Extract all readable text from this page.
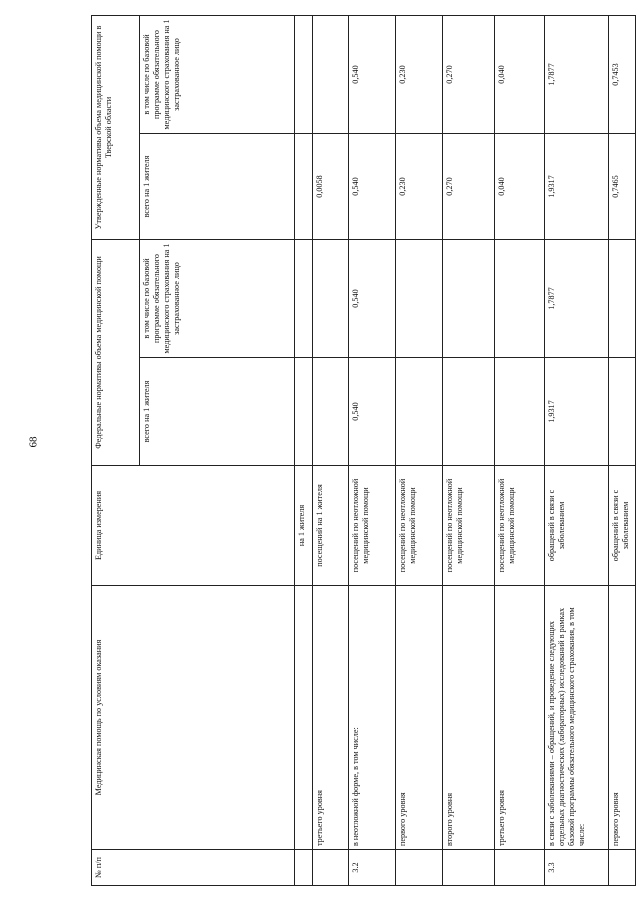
68
№ п/п	Медицинская помощь по условиям оказания	Единица измерения	Федеральные нормативы объема медицинской помощи		Утвержденные нормативы объема медицинской помощи в Тверской области	
			всего на 1 жителя	в том числе по базовой программе обязательного медицинского страхования на 1 застрахованное лицо	всего на 1 жителя	в том числе по базовой программе обязательного медицинского страхования на 1 застрахованное лицо
		на 1 жителя				
	третьего уровня	посещений на 1 жителя			0,0058	
3.2	в неотложной форме, в том числе:	посещений по неотложной медицинской помощи	0,540	0,540	0,540	0,540
	первого уровня	посещений по неотложной медицинской помощи			0,230	0,230
	второго уровня	посещений по неотложной медицинской помощи			0,270	0,270
	третьего уровня	посещений по неотложной медицинской помощи			0,040	0,040
3.3	в связи с заболеваниями – обращений, и проведение следующих отдельных диагностических (лабораторных) исследований в рамках базовой программы обязательного медицинского страхования, в том числе:	обращений в связи с заболеванием	1,9317	1,7877	1,9317	1,7877
	первого уровня	обращений в связи с заболеванием			0,7465	0,7453
